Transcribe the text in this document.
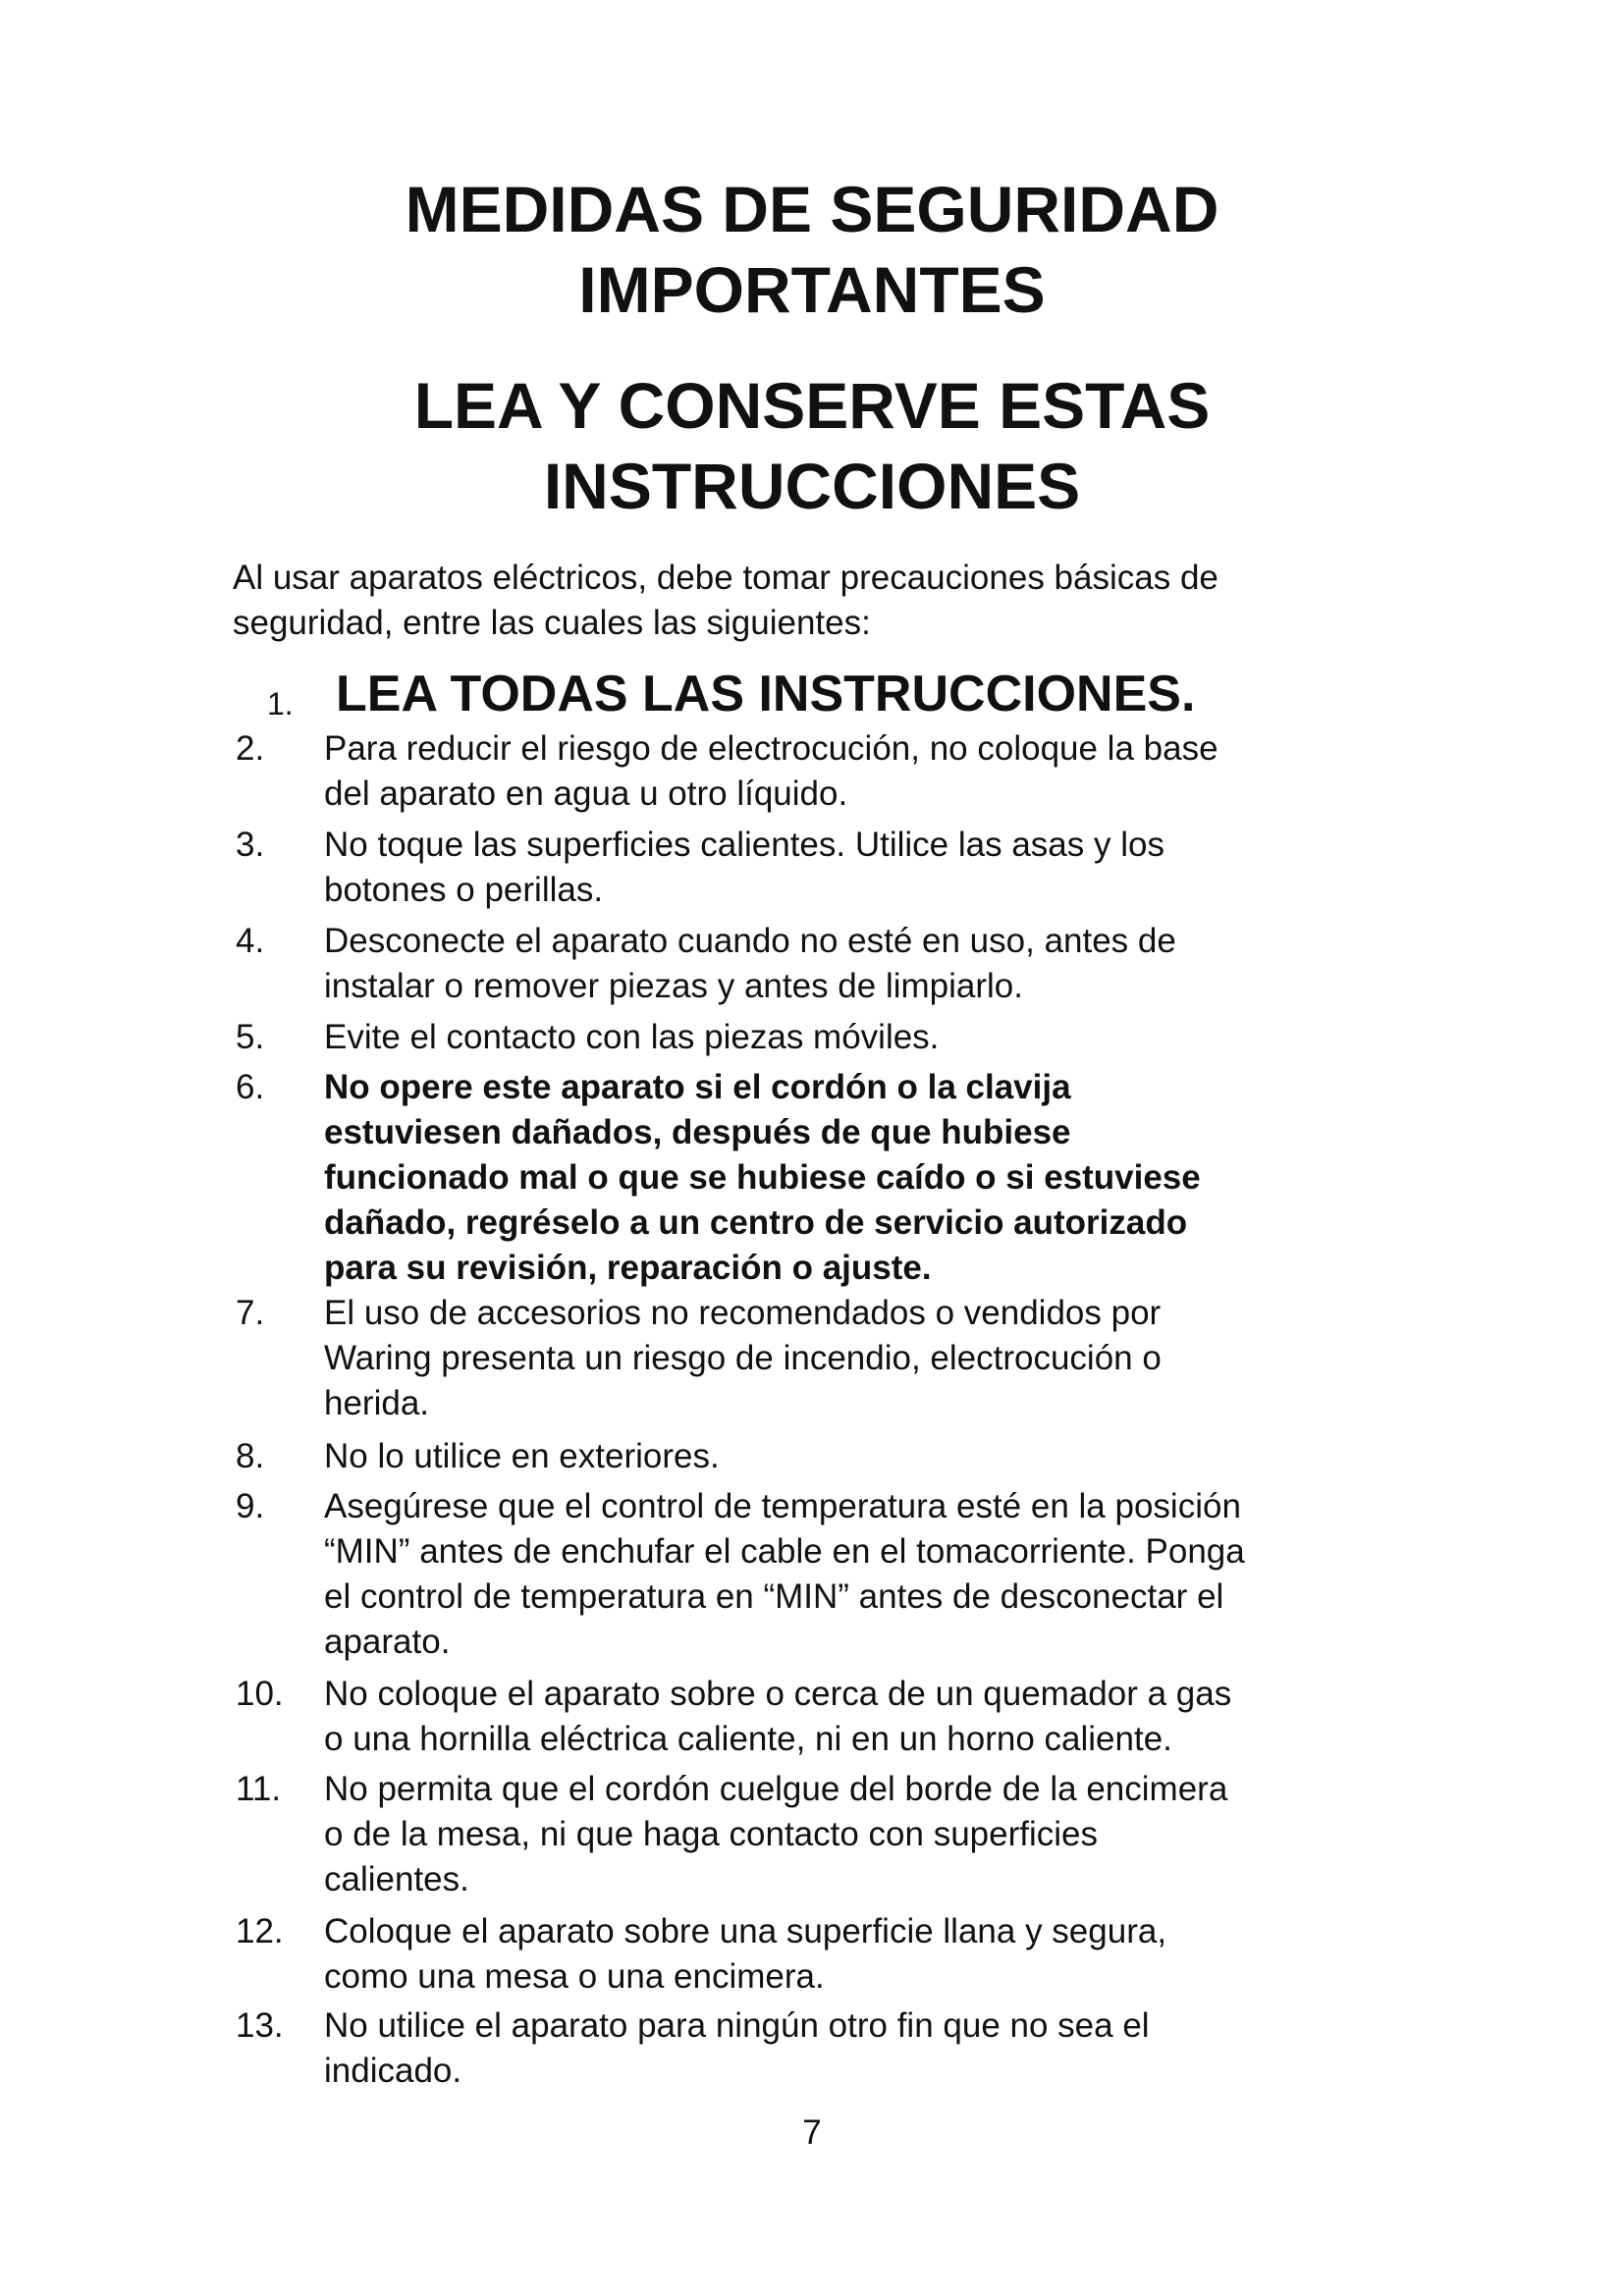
MEDIDAS DE SEGURIDAD
IMPORTANTES
LEA Y CONSERVE ESTAS
INSTRUCCIONES
Al usar aparatos eléctricos, debe tomar precauciones básicas de
seguridad, entre las cuales las siguientes:
1. LEA TODAS LAS INSTRUCCIONES.
2.	Para reducir el riesgo de electrocución, no coloque la base
del aparato en agua u otro líquido.
3.	No toque las superficies calientes. Utilice las asas y los
botones o perillas.
4.	Desconecte el aparato cuando no esté en uso, antes de
instalar o remover piezas y antes de limpiarlo.
5.	Evite el contacto con las piezas móviles.
6.	No opere este aparato si el cordón o la clavija
estuviesen dañados, después de que hubiese
funcionado mal o que se hubiese caído o si estuviese
dañado, regréselo a un centro de servicio autorizado
para su revisión, reparación o ajuste.
7.	El uso de accesorios no recomendados o vendidos por
Waring presenta un riesgo de incendio, electrocución o
herida.
8.	No lo utilice en exteriores.
9.	Asegúrese que el control de temperatura esté en la posición
“MIN” antes de enchufar el cable en el tomacorriente. Ponga
el control de temperatura en “MIN” antes de desconectar el
aparato.
10.	No coloque el aparato sobre o cerca de un quemador a gas
o una hornilla eléctrica caliente, ni en un horno caliente.
11.	No permita que el cordón cuelgue del borde de la encimera
o de la mesa, ni que haga contacto con superficies
calientes.
12.	Coloque el aparato sobre una superficie llana y segura,
como una mesa o una encimera.
13.	No utilice el aparato para ningún otro fin que no sea el
indicado.
7
